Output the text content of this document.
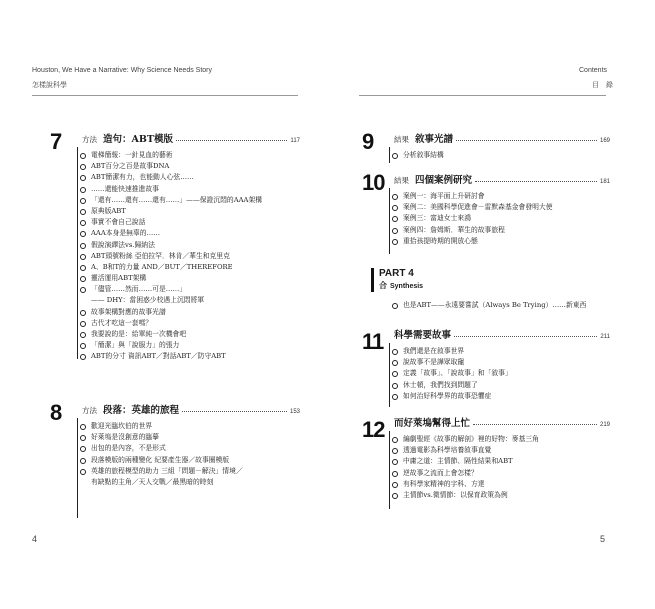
Houston, We Have a Narrative: Why Science Needs Story
怎樣說科學
Contents
目　錄
7	方法 造句：ABT模版	117
電梯簡報：一針見血的藝術
ABT百分之百是故事DNA
ABT簡潔有力，也能動人心弦……
……還能快速推進故事
「還有……還有……還有……」——保證沉悶的AAA架構
原典版ABT
事實不會自己說話
AAA本身是無辜的……
假說演繹法vs.歸納法
ABT頭號粉絲 亞伯拉罕．林肯／華生和克里克
A、B和T的力量 AND／BUT／THEREFORE
靈活運用ABT架構
「儘管……然而……可是……」
—— DHY：當困惑少校遇上沉悶將軍
故事架構對應的故事光譜
古代才吃這一套嗎？
我要說的是：給單純一次機會吧
「簡潔」與「說服力」的張力
ABT的分寸 資訊ABT／對話ABT／防守ABT
8	方法 段落：英雄的旅程	153
歡迎光臨坎伯的世界
好萊塢是沒創意的臨摹
出包的是內容，不是形式
段落模版的兩種變化 紀要產生器／故事圈模版
英雄的旅程模型的助力 三組「問題－解決」情境／
有缺點的主角／天人交戰／最黑暗的時刻
9	結果 敘事光譜	169
分析敘事結構
10 結果 四個案例研究	181
案例一：海平面上升研討會
案例二：美國科學促進會－雷默森基金會發明大使
案例三：富迪女士來鴻
案例四：詹姆斯．華生的故事旅程
重拾孩提時期的開放心態
PART 4
合 Synthesis
也是ABT——永遠要嘗試（Always Be Trying）……新東西
11 科學需要故事	211
我們還是在敘事世界
說故事不是譁眾取寵
定義「故事」、「說故事」和「敘事」
休士頓，我們找到問題了
如何治好科學界的故事恐懼症
12 而好萊塢幫得上忙	219
編劇聖經《故事的解剖》裡的好物：麥基三角
透過電影為科學培養敘事直覺
中庸之道：主情節、隔性結果和ABT
逆故事之流而上會怎樣？
有科學家精神的字科、方達
主情節vs.微情節：以保育政策為例
4	5
